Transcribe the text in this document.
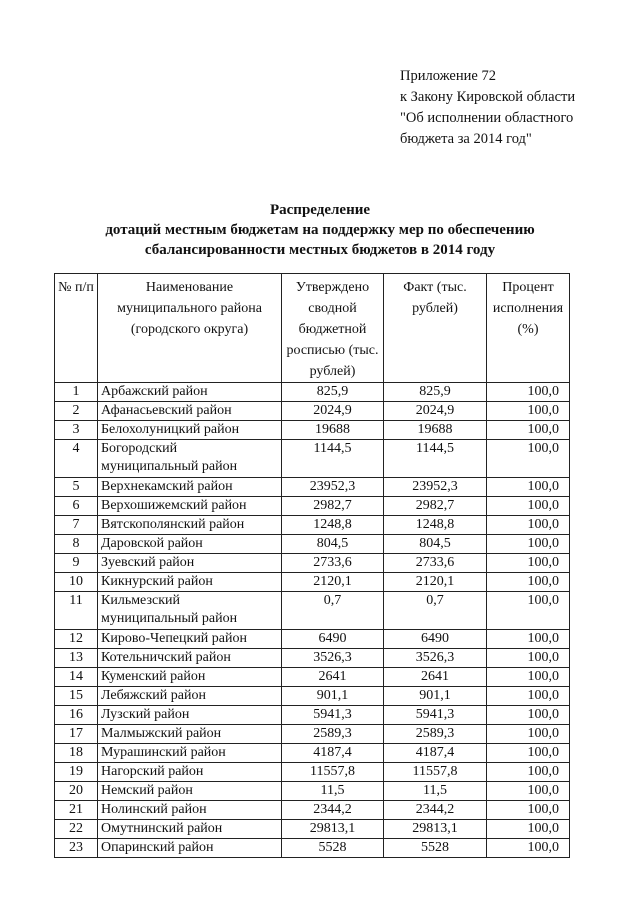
Приложение 72
к Закону Кировской области
"Об исполнении областного
бюджета за 2014 год"
Распределение
дотаций местным бюджетам на поддержку мер по обеспечению
сбалансированности местных бюджетов в 2014 году
№ п/п	Наименование муниципального района (городского округа)	Утверждено сводной бюджетной росписью (тыс. рублей)	Факт (тыс. рублей)	Процент исполнения (%)
1	Арбажский район	825,9	825,9	100,0
2	Афанасьевский район	2024,9	2024,9	100,0
3	Белохолуницкий район	19688	19688	100,0
4	Богородский муниципальный район	1144,5	1144,5	100,0
5	Верхнекамский район	23952,3	23952,3	100,0
6	Верхошижемский район	2982,7	2982,7	100,0
7	Вятскополянский район	1248,8	1248,8	100,0
8	Даровской район	804,5	804,5	100,0
9	Зуевский район	2733,6	2733,6	100,0
10	Кикнурский район	2120,1	2120,1	100,0
11	Кильмезский муниципальный район	0,7	0,7	100,0
12	Кирово-Чепецкий район	6490	6490	100,0
13	Котельничский район	3526,3	3526,3	100,0
14	Куменский район	2641	2641	100,0
15	Лебяжский район	901,1	901,1	100,0
16	Лузский район	5941,3	5941,3	100,0
17	Малмыжский район	2589,3	2589,3	100,0
18	Мурашинский район	4187,4	4187,4	100,0
19	Нагорский район	11557,8	11557,8	100,0
20	Немский район	11,5	11,5	100,0
21	Нолинский район	2344,2	2344,2	100,0
22	Омутнинский район	29813,1	29813,1	100,0
23	Опаринский район	5528	5528	100,0
